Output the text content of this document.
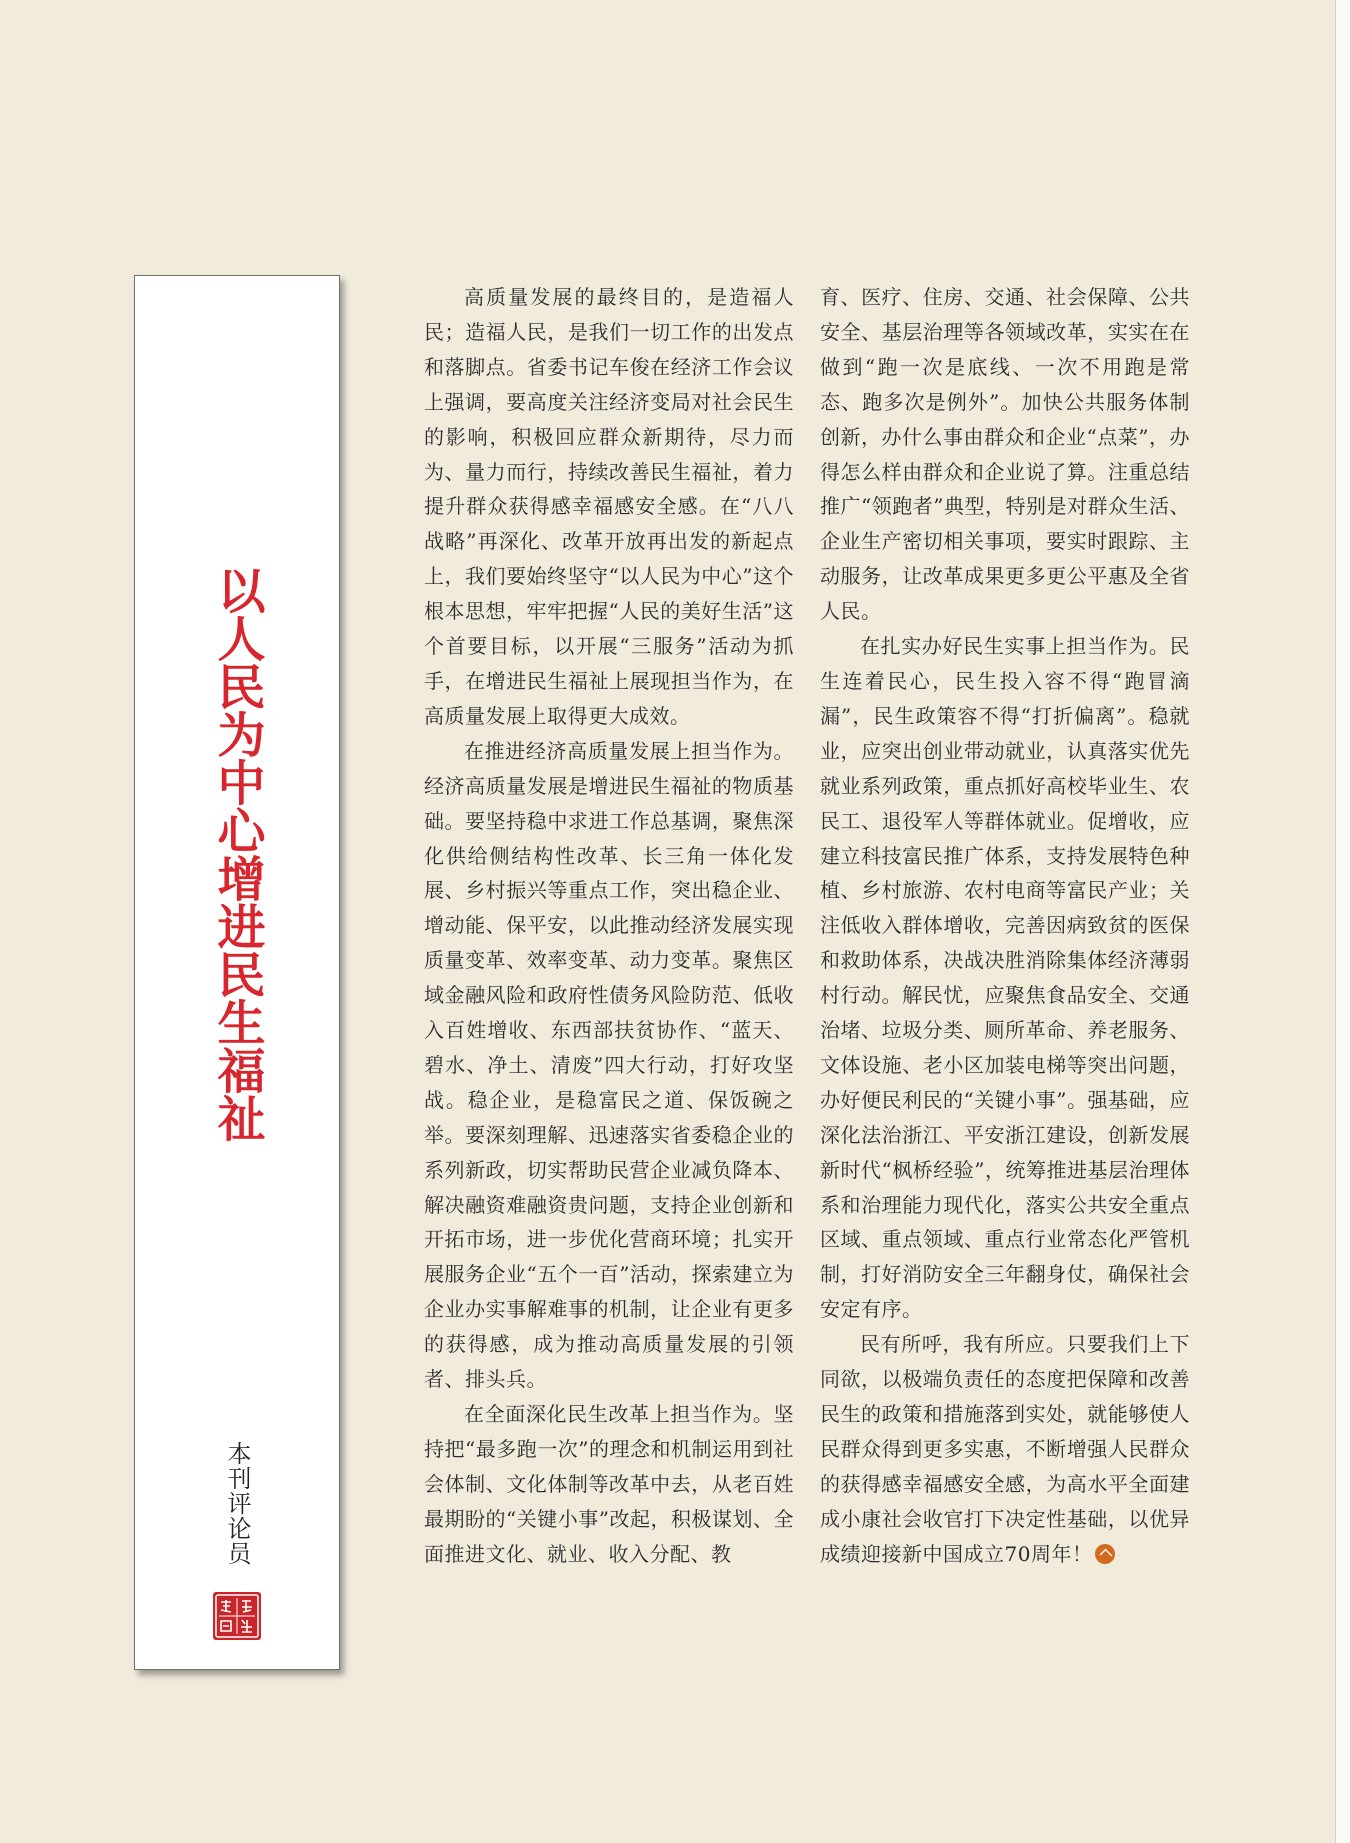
以人民为中心增进民生福祉
本刊评论员

高质量发展的最终目的，是造福人民；造福人民，是我们一切工作的出发点和落脚点。省委书记车俊在经济工作会议上强调，要高度关注经济变局对社会民生的影响，积极回应群众新期待，尽力而为、量力而行，持续改善民生福祉，着力提升群众获得感幸福感安全感。在“八八战略”再深化、改革开放再出发的新起点上，我们要始终坚守“以人民为中心”这个根本思想，牢牢把握“人民的美好生活”这个首要目标，以开展“三服务”活动为抓手，在增进民生福祉上展现担当作为，在高质量发展上取得更大成效。

在推进经济高质量发展上担当作为。经济高质量发展是增进民生福祉的物质基础。要坚持稳中求进工作总基调，聚焦深化供给侧结构性改革、长三角一体化发展、乡村振兴等重点工作，突出稳企业、增动能、保平安，以此推动经济发展实现质量变革、效率变革、动力变革。聚焦区域金融风险和政府性债务风险防范、低收入百姓增收、东西部扶贫协作、“蓝天、碧水、净土、清废”四大行动，打好攻坚战。稳企业，是稳富民之道、保饭碗之举。要深刻理解、迅速落实省委稳企业的系列新政，切实帮助民营企业减负降本、解决融资难融资贵问题，支持企业创新和开拓市场，进一步优化营商环境；扎实开展服务企业“五个一百”活动，探索建立为企业办实事解难事的机制，让企业有更多的获得感，成为推动高质量发展的引领者、排头兵。

在全面深化民生改革上担当作为。坚持把“最多跑一次”的理念和机制运用到社会体制、文化体制等改革中去，从老百姓最期盼的“关键小事”改起，积极谋划、全面推进文化、就业、收入分配、教

育、医疗、住房、交通、社会保障、公共安全、基层治理等各领域改革，实实在在做到“跑一次是底线、一次不用跑是常态、跑多次是例外”。加快公共服务体制创新，办什么事由群众和企业“点菜”，办得怎么样由群众和企业说了算。注重总结推广“领跑者”典型，特别是对群众生活、企业生产密切相关事项，要实时跟踪、主动服务，让改革成果更多更公平惠及全省人民。

在扎实办好民生实事上担当作为。民生连着民心，民生投入容不得“跑冒滴漏”，民生政策容不得“打折偏离”。稳就业，应突出创业带动就业，认真落实优先就业系列政策，重点抓好高校毕业生、农民工、退役军人等群体就业。促增收，应建立科技富民推广体系，支持发展特色种植、乡村旅游、农村电商等富民产业；关注低收入群体增收，完善因病致贫的医保和救助体系，决战决胜消除集体经济薄弱村行动。解民忧，应聚焦食品安全、交通治堵、垃圾分类、厕所革命、养老服务、文体设施、老小区加装电梯等突出问题，办好便民利民的“关键小事”。强基础，应深化法治浙江、平安浙江建设，创新发展新时代“枫桥经验”，统筹推进基层治理体系和治理能力现代化，落实公共安全重点区域、重点领域、重点行业常态化严管机制，打好消防安全三年翻身仗，确保社会安定有序。

民有所呼，我有所应。只要我们上下同欲，以极端负责任的态度把保障和改善民生的政策和措施落到实处，就能够使人民群众得到更多实惠，不断增强人民群众的获得感幸福感安全感，为高水平全面建成小康社会收官打下决定性基础，以优异成绩迎接新中国成立70周年！
